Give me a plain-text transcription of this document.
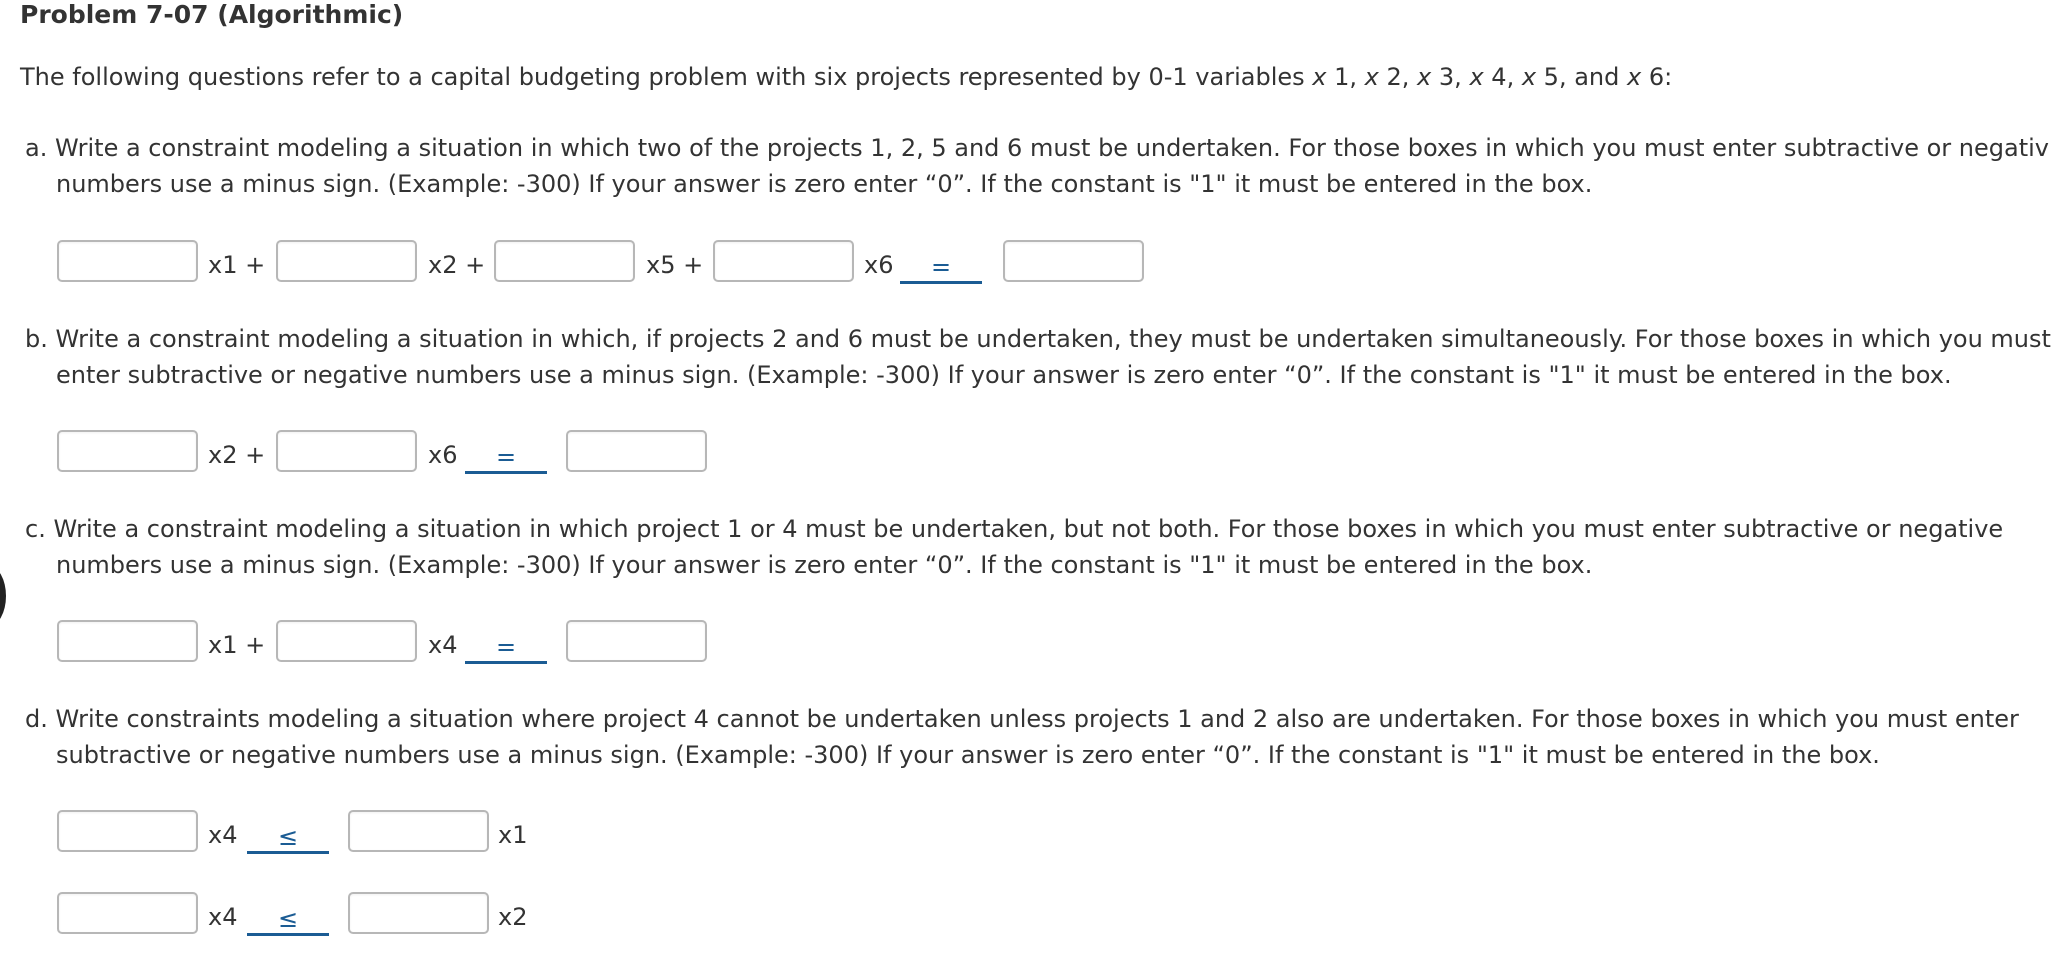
Problem 7-07 (Algorithmic)
The following questions refer to a capital budgeting problem with six projects represented by 0-1 variables x 1, x 2, x 3, x 4, x 5, and x 6:
a. Write a constraint modeling a situation in which two of the projects 1, 2, 5 and 6 must be undertaken. For those boxes in which you must enter subtractive or negativ
numbers use a minus sign. (Example: -300) If your answer is zero enter “0”. If the constant is "1" it must be entered in the box.
x1 +	x2 +	x5 +	x6	=
b. Write a constraint modeling a situation in which, if projects 2 and 6 must be undertaken, they must be undertaken simultaneously. For those boxes in which you must
enter subtractive or negative numbers use a minus sign. (Example: -300) If your answer is zero enter “0”. If the constant is "1" it must be entered in the box.
x2 +	x6	=
c. Write a constraint modeling a situation in which project 1 or 4 must be undertaken, but not both. For those boxes in which you must enter subtractive or negative
numbers use a minus sign. (Example: -300) If your answer is zero enter “0”. If the constant is "1" it must be entered in the box.
x1 +	x4	=
d. Write constraints modeling a situation where project 4 cannot be undertaken unless projects 1 and 2 also are undertaken. For those boxes in which you must enter
subtractive or negative numbers use a minus sign. (Example: -300) If your answer is zero enter “0”. If the constant is "1" it must be entered in the box.
x4	≤	x1
x4	≤	x2
